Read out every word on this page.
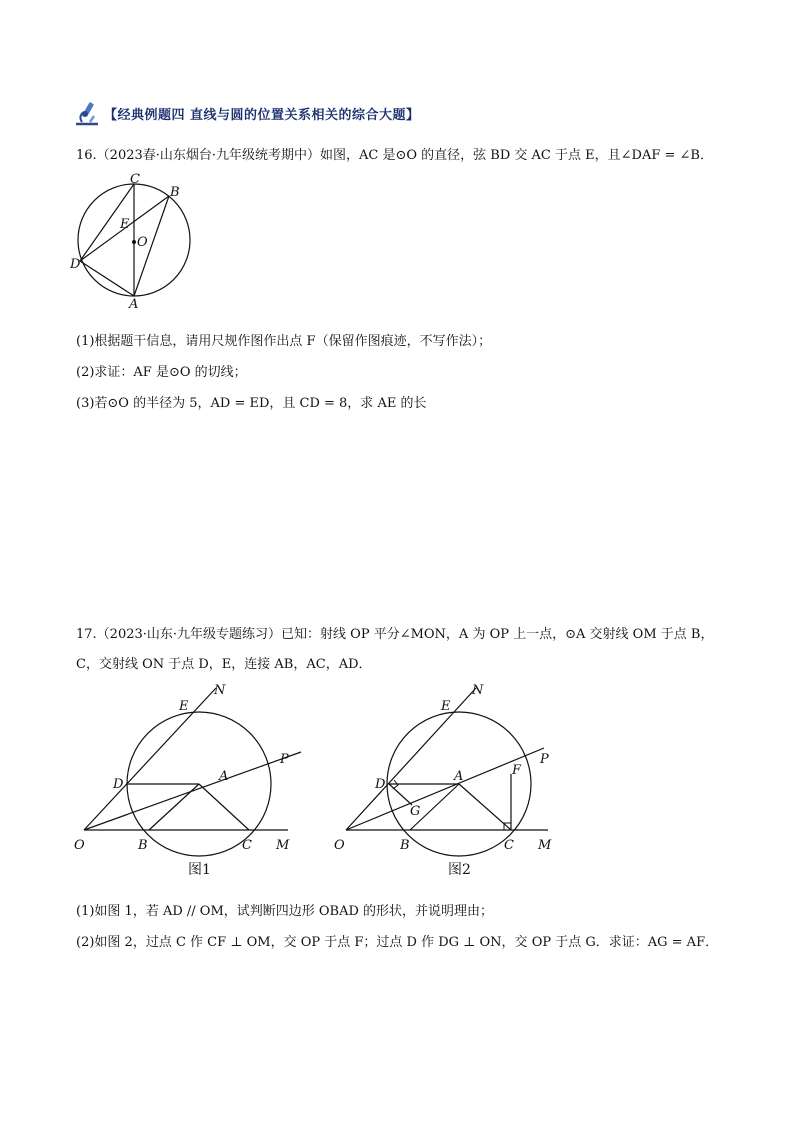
【经典例题四 直线与圆的位置关系相关的综合大题】
16.（2023春·山东烟台·九年级统考期中）如图，AC 是⊙O 的直径，弦 BD 交 AC 于点 E，且∠DAF = ∠B．
C
B
E
O
D
A
(1)根据题干信息，请用尺规作图作出点 F（保留作图痕迹，不写作法）；
(2)求证：AF 是⊙O 的切线；
(3)若⊙O 的半径为 5，AD = ED，且 CD = 8，求 AE 的长
17.（2023·山东·九年级专题练习）已知：射线 OP 平分∠MON，A 为 OP 上一点，⊙A 交射线 OM 于点 B，
C，交射线 ON 于点 D，E，连接 AB，AC，AD．
N
E
P
D
A
O	B	C M
图1
N
E
P
F
D
A
G
O	B	C M
图2
(1)如图 1，若 AD // OM，试判断四边形 OBAD 的形状，并说明理由；
(2)如图 2，过点 C 作 CF ⊥ OM，交 OP 于点 F；过点 D 作 DG ⊥ ON，交 OP 于点 G．求证：AG = AF．
